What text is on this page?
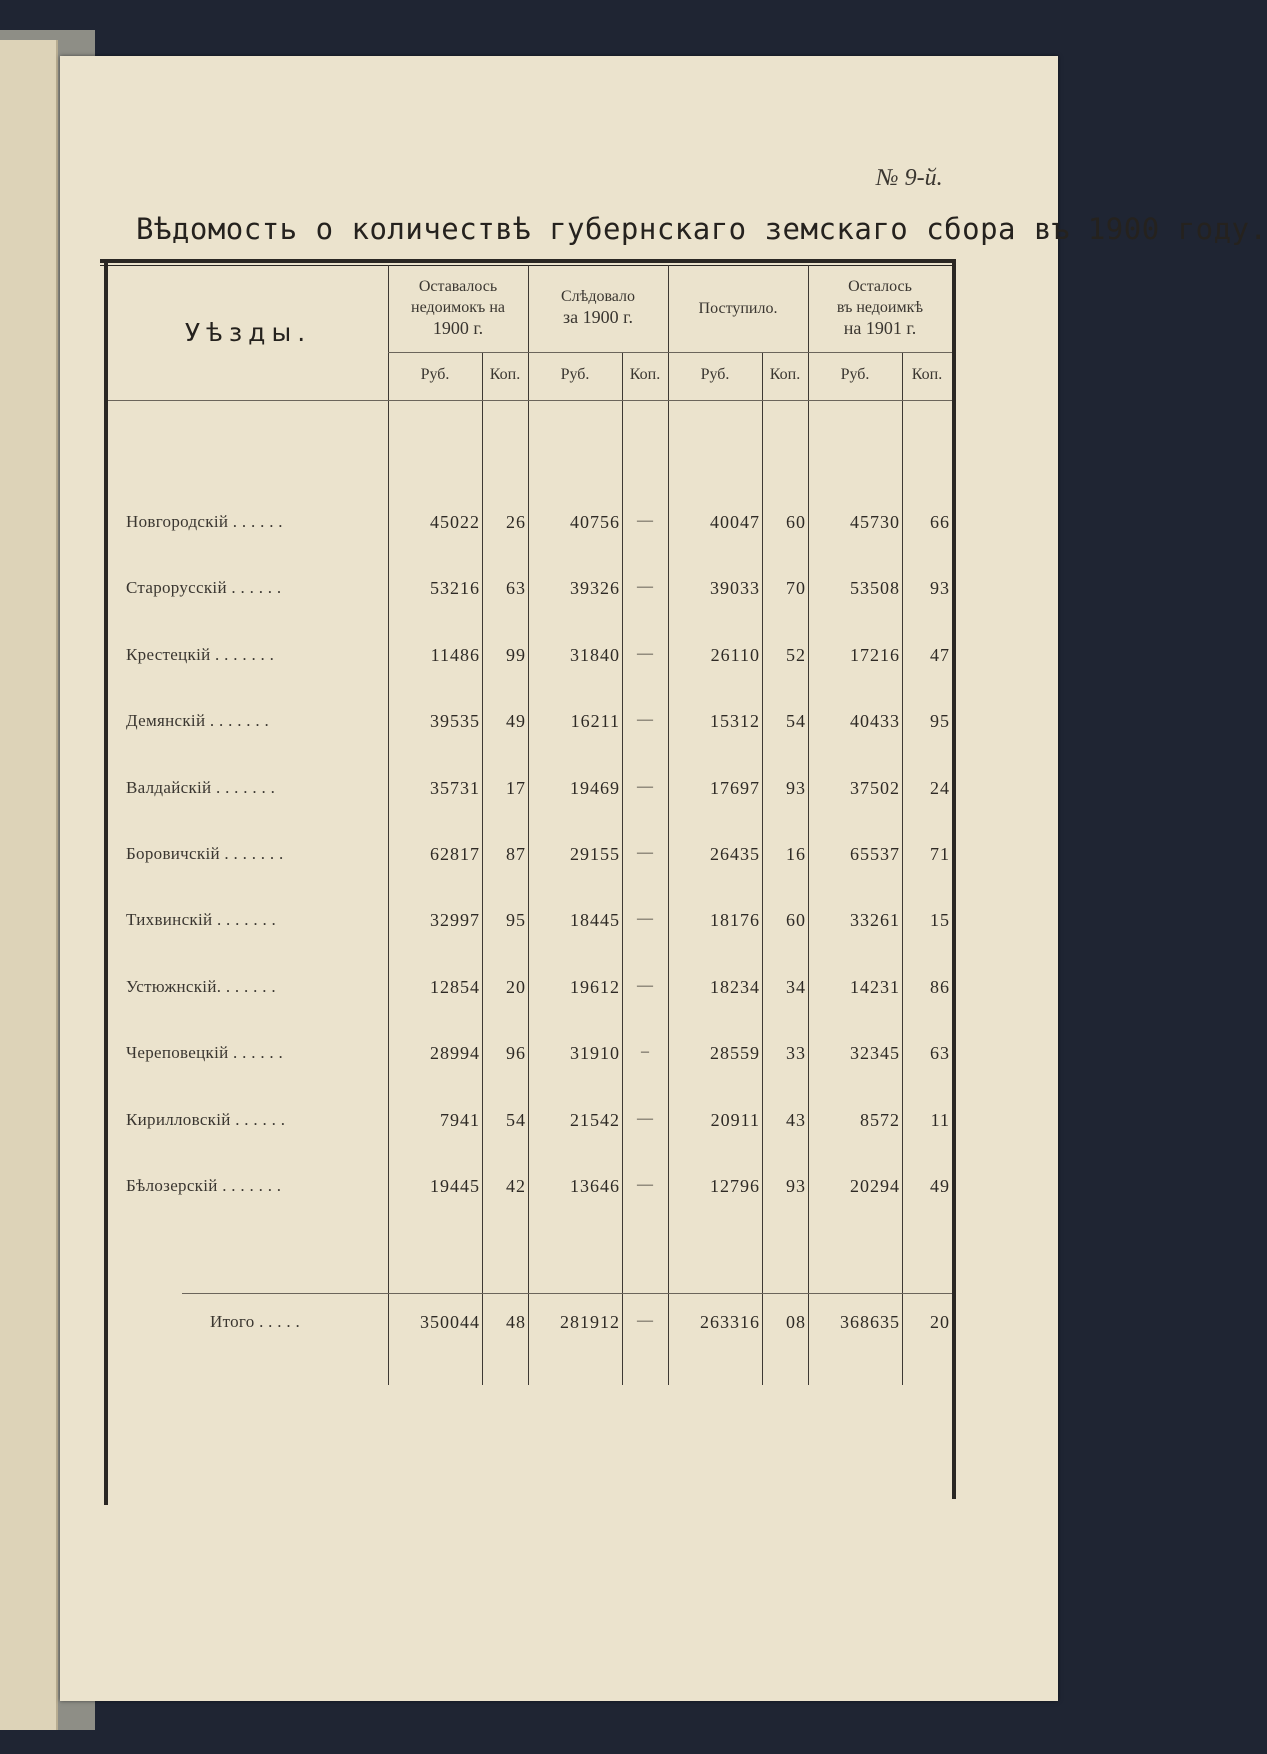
№ 9-й.
Вѣдомость о количествѣ губернскаго земскаго сбора въ 1900 году.
Уѣзды.
Оставалось
недоимокъ на
1900 г.
Слѣдовало
за 1900 г.	Поступило.
Осталось
въ недоимкѣ
на 1901 г.
Руб.	Коп.	Руб.	Коп.	Руб.	Коп.	Руб.	Коп.
Новгородскій . . . . . .	45022	26	40756	—	40047	60	45730	66
Старорусскій . . . . . .	53216	63	39326	—	39033	70	53508	93
Крестецкій . . . . . . .	11486	99	31840	—	26110	52	17216	47
Демянскій . . . . . . .	39535	49	16211	—	15312	54	40433	95
Валдайскій . . . . . . .	35731	17	19469	—	17697	93	37502	24
Боровичскій . . . . . . .	62817	87	29155	—	26435	16	65537	71
Тихвинскій . . . . . . .	32997	95	18445	—	18176	60	33261	15
Устюжнскій. . . . . . .	12854	20	19612	—	18234	34	14231	86
Череповецкій . . . . . .	28994	96	31910	–	28559	33	32345	63
Кирилловскій . . . . . .	7941	54	21542	—	20911	43	8572	11
Бѣлозерскій . . . . . . .	19445	42	13646	—	12796	93	20294	49
Итого . . . . .	350044	48	281912	—	263316	08	368635	20
